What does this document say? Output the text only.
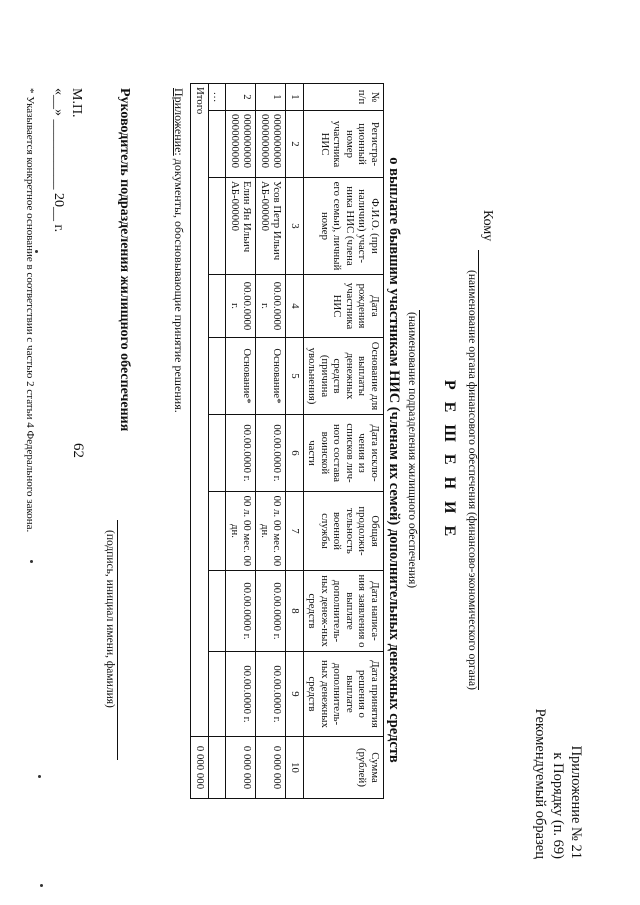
62
Приложение № 21
к Порядку (п. 69)
Рекомендуемый образец
Кому
(наименование органа финансового обеспечения (финансово-экономического органа)
Р Е Ш Е Н И Е
(наименование подразделения жилищного обеспечения)
о выплате бывшим участникам НИС (членам их семей) дополнительных денежных средств
№ п/п	Регистра-ционный номер участника НИС	Ф.И.О. (при наличии) участ-ника НИС (члена его семьи), личный номер	Дата рождения участника НИС	Основание для выплаты денежных средств (причина увольнения)	Дата исклю-чения из списков лич-ного состава воинской части	Общая продолжи-тельность военной службы	Дата написа-ния заявления о выплате дополнитель-ных денеж-ных средств	Дата принятия решения о выплате дополнитель-ных денежных средств	Сумма (рублей)
1	2	3	4	5	6	7	8	9	10
1	0000000000 0000000000	Усов Петр Ильич АБ-000000	00.00.0000 г.	Основание*	00.00.0000 г.	00 л. 00 мес. 00 дн.	00.00.0000 г.	00.00.0000 г.	0 000 000
2	0000000000 0000000000	Елин Ян Ильич АБ-000000	00.00.0000 г.	Основание*	00.00.0000 г.	00 л. 00 мес. 00 дн.	00.00.0000 г.	00.00.0000 г.	0 000 000
…									
Итого									0 000 000
Приложение: документы, обосновывающие принятие решения.
Руководитель подразделения жилищного обеспечения
(подпись, инициал имени, фамилия)
М.П.
«__» __________ 20__ г.
* Указывается конкретное основание в соответствии с частью 2 статьи 4 Федерального закона.
